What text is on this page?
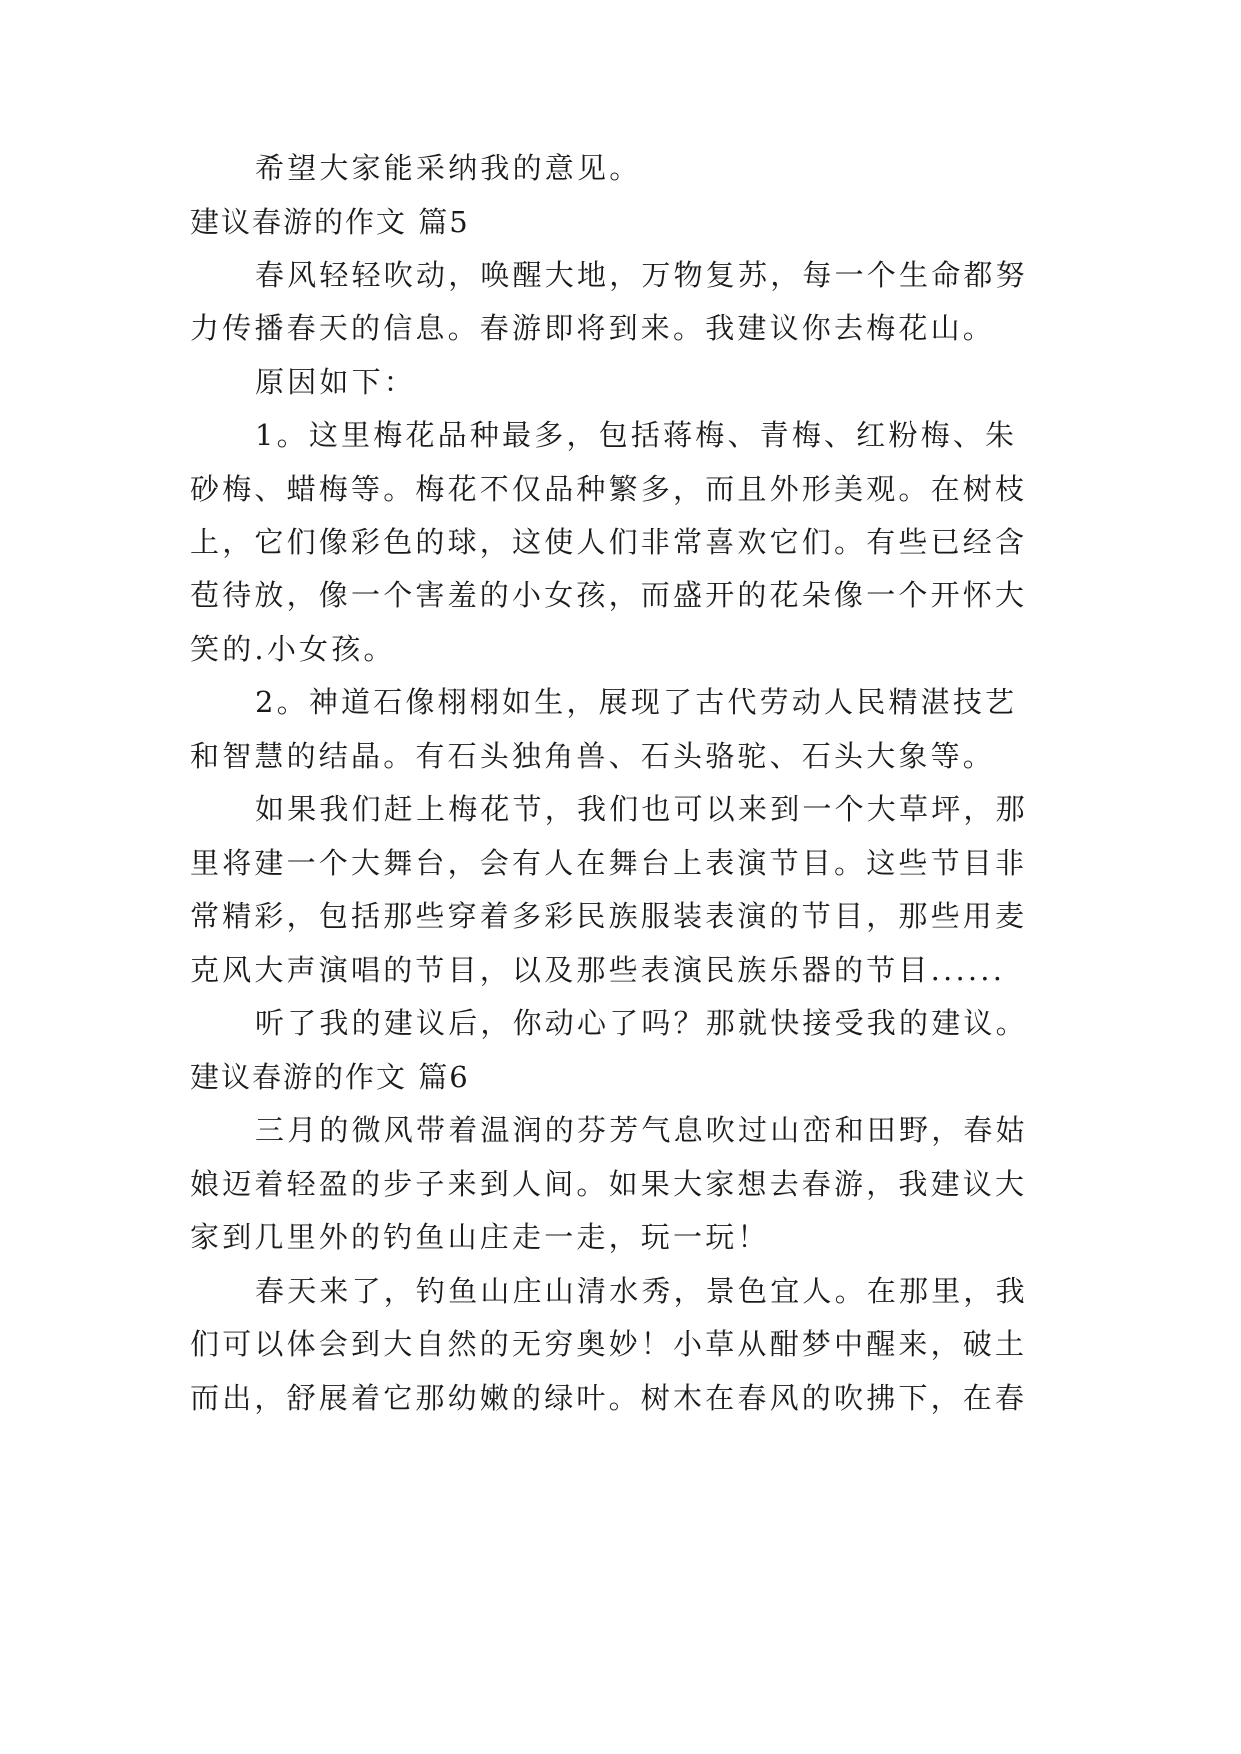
希望大家能采纳我的意见。
建议春游的作文 篇5
春风轻轻吹动，唤醒大地，万物复苏，每一个生命都努
力传播春天的信息。春游即将到来。我建议你去梅花山。
原因如下：
1。这里梅花品种最多，包括蒋梅、青梅、红粉梅、朱
砂梅、蜡梅等。梅花不仅品种繁多，而且外形美观。在树枝
上，它们像彩色的球，这使人们非常喜欢它们。有些已经含
苞待放，像一个害羞的小女孩，而盛开的花朵像一个开怀大
笑的.小女孩。
2。神道石像栩栩如生，展现了古代劳动人民精湛技艺
和智慧的结晶。有石头独角兽、石头骆驼、石头大象等。
如果我们赶上梅花节，我们也可以来到一个大草坪，那
里将建一个大舞台，会有人在舞台上表演节目。这些节目非
常精彩，包括那些穿着多彩民族服装表演的节目，那些用麦
克风大声演唱的节目，以及那些表演民族乐器的节目......
听了我的建议后，你动心了吗？那就快接受我的建议。
建议春游的作文 篇6
三月的微风带着温润的芬芳气息吹过山峦和田野，春姑
娘迈着轻盈的步子来到人间。如果大家想去春游，我建议大
家到几里外的钓鱼山庄走一走，玩一玩！
春天来了，钓鱼山庄山清水秀，景色宜人。在那里，我
们可以体会到大自然的无穷奥妙！小草从酣梦中醒来，破土
而出，舒展着它那幼嫩的绿叶。树木在春风的吹拂下，在春
